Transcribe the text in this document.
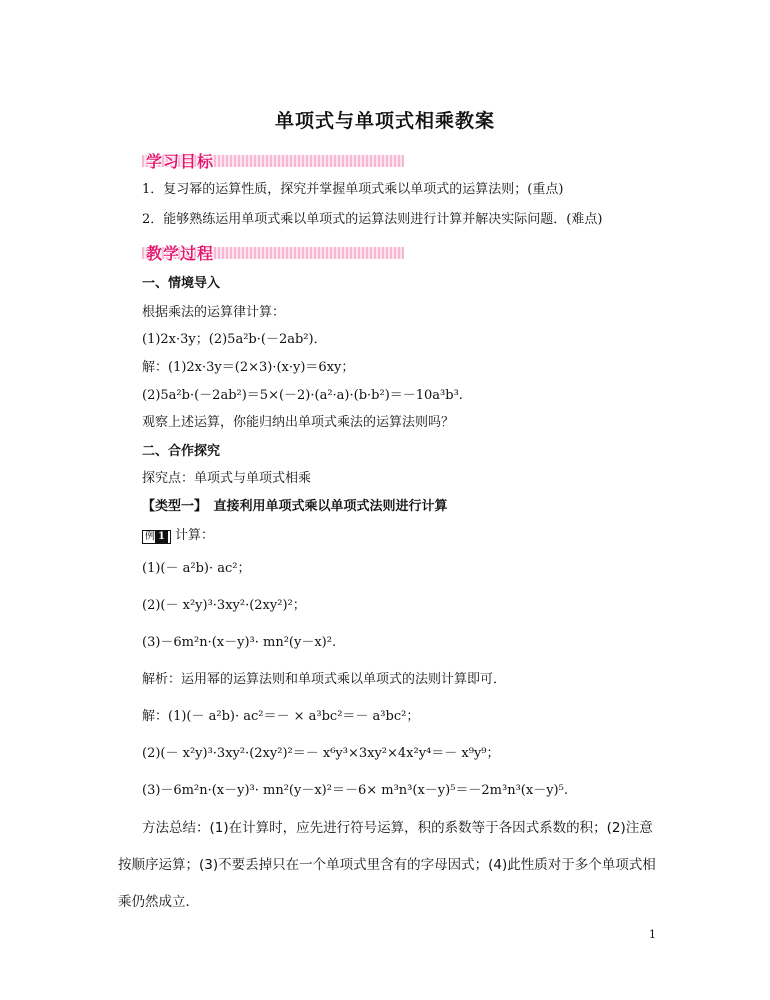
单项式与单项式相乘教案
学习目标
1．复习幂的运算性质，探究并掌握单项式乘以单项式的运算法则；(重点)
2．能够熟练运用单项式乘以单项式的运算法则进行计算并解决实际问题．(难点)
教学过程
一、情境导入
根据乘法的运算律计算：
(1)2x·3y；(2)5a²b·(－2ab²)．
解：(1)2x·3y＝(2×3)·(x·y)＝6xy；
(2)5a²b·(－2ab²)＝5×(－2)·(a²·a)·(b·b²)＝－10a³b³.
观察上述运算，你能归纳出单项式乘法的运算法则吗？
二、合作探究
探究点：单项式与单项式相乘
【类型一】　直接利用单项式乘以单项式法则进行计算
例 1 计算：
(1)(－ a²b)· ac²；
(2)(－ x²y)³·3xy²·(2xy²)²；
(3)－6m²n·(x－y)³· mn²(y－x)².
解析：运用幂的运算法则和单项式乘以单项式的法则计算即可．
解：(1)(－ a²b)· ac²＝－ × a³bc²＝－ a³bc²；
(2)(－ x²y)³·3xy²·(2xy²)²＝－ x⁶y³×3xy²×4x²y⁴＝－ x⁹y⁹；
(3)－6m²n·(x－y)³· mn²(y－x)²＝－6× m³n³(x－y)⁵＝－2m³n³(x－y)⁵.
方法总结：(1)在计算时，应先进行符号运算，积的系数等于各因式系数的积；(2)注意
按顺序运算；(3)不要丢掉只在一个单项式里含有的字母因式；(4)此性质对于多个单项式相
乘仍然成立．
1
